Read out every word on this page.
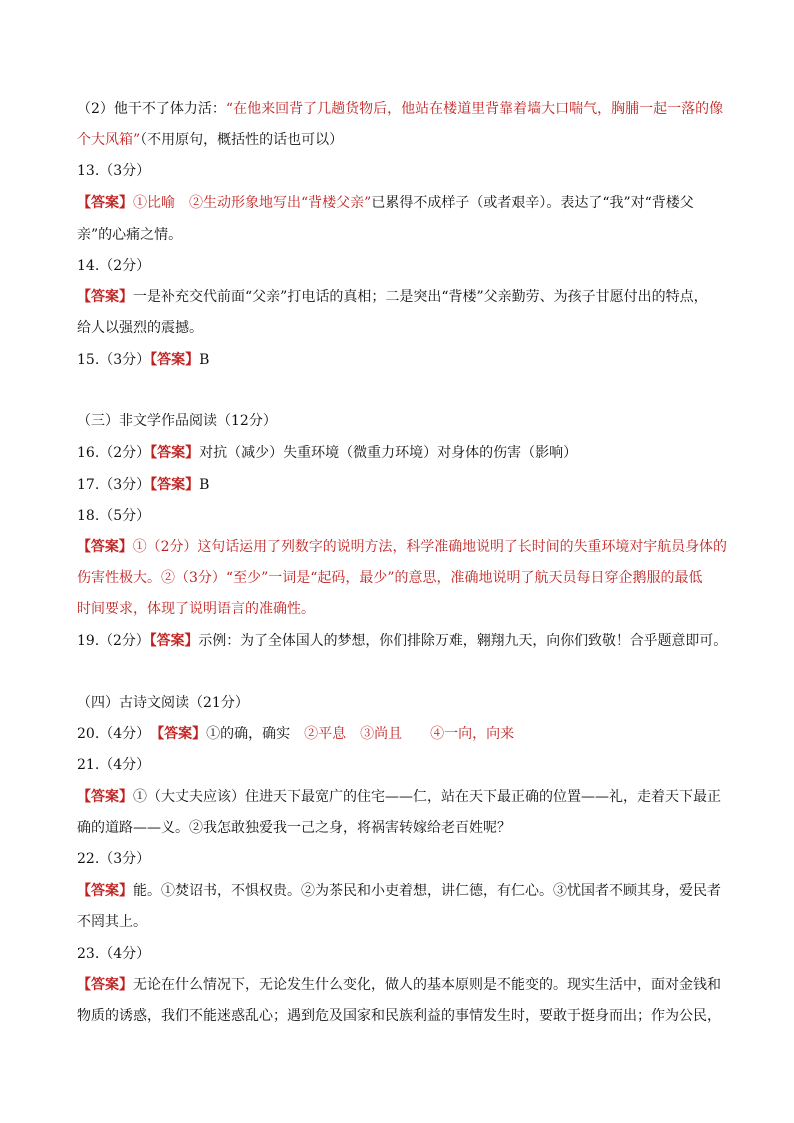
（2）他干不了体力活：“在他来回背了几趟货物后，他站在楼道里背靠着墙大口喘气，胸脯一起一落的像
个大风箱”（不用原句，概括性的话也可以）
13.（3分）
【答案】①比喻　②生动形象地写出“背楼父亲”已累得不成样子（或者艰辛）。表达了“我”对“背楼父
亲”的心痛之情。
14.（2分）
【答案】一是补充交代前面“父亲”打电话的真相；二是突出“背楼”父亲勤劳、为孩子甘愿付出的特点，
给人以强烈的震撼。
15.（3分）【答案】B
（三）非文学作品阅读（12分）
16.（2分）【答案】对抗（减少）失重环境（微重力环境）对身体的伤害（影响）
17.（3分）【答案】B
18.（5分）
【答案】①（2分）这句话运用了列数字的说明方法，科学准确地说明了长时间的失重环境对宇航员身体的
伤害性极大。②（3分）“至少”一词是“起码，最少”的意思，准确地说明了航天员每日穿企鹅服的最低
时间要求，体现了说明语言的准确性。
19.（2分）【答案】示例：为了全体国人的梦想，你们排除万难，翱翔九天，向你们致敬！合乎题意即可。
（四）古诗文阅读（21分）
20.（4分）　 【答案】①的确，确实　②平息　③尚且　　④一向，向来
21.（4分）
【答案】①（大丈夫应该）住进天下最宽广的住宅——仁，站在天下最正确的位置——礼，走着天下最正
确的道路——义。②我怎敢独爱我一己之身，将祸害转嫁给老百姓呢？
22.（3分）
【答案】能。①焚诏书，不惧权贵。②为茶民和小吏着想，讲仁德，有仁心。③忧国者不顾其身，爱民者
不罔其上。
23.（4分）
【答案】无论在什么情况下，无论发生什么变化，做人的基本原则是不能变的。现实生活中，面对金钱和
物质的诱惑，我们不能迷惑乱心；遇到危及国家和民族利益的事情发生时，要敢于挺身而出；作为公民，
